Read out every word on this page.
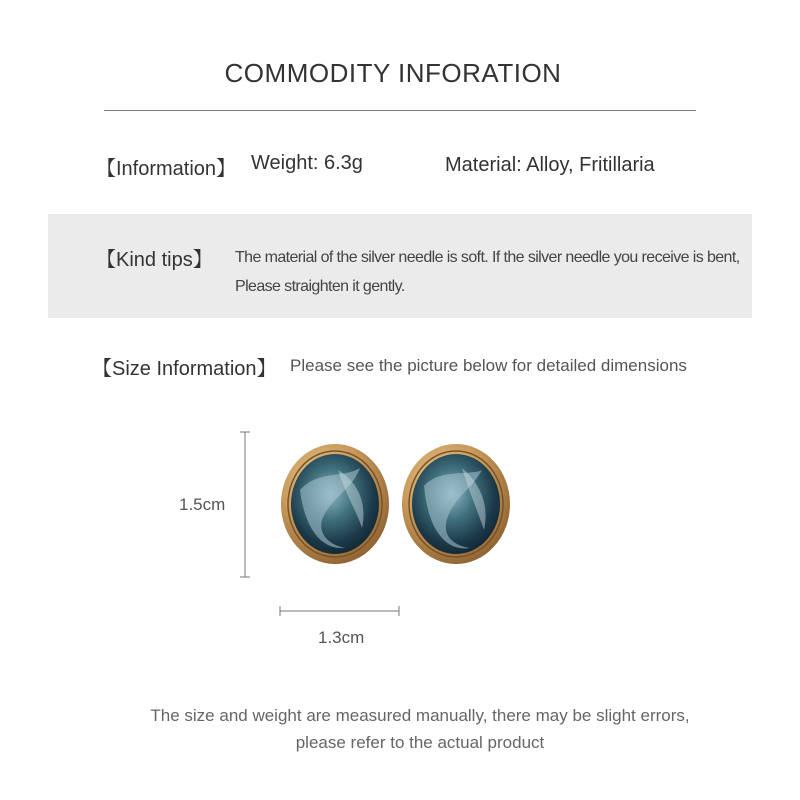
COMMODITY INFORATION
【Information】 Weight: 6.3g	Material: Alloy, Fritillaria
【Kind tips】 The material of the silver needle is soft. If the silver needle you receive is bent, Please straighten it gently.
【Size Information】 Please see the picture below for detailed dimensions
1.5cm
1.3cm
The size and weight are measured manually, there may be slight errors,
please refer to the actual product
